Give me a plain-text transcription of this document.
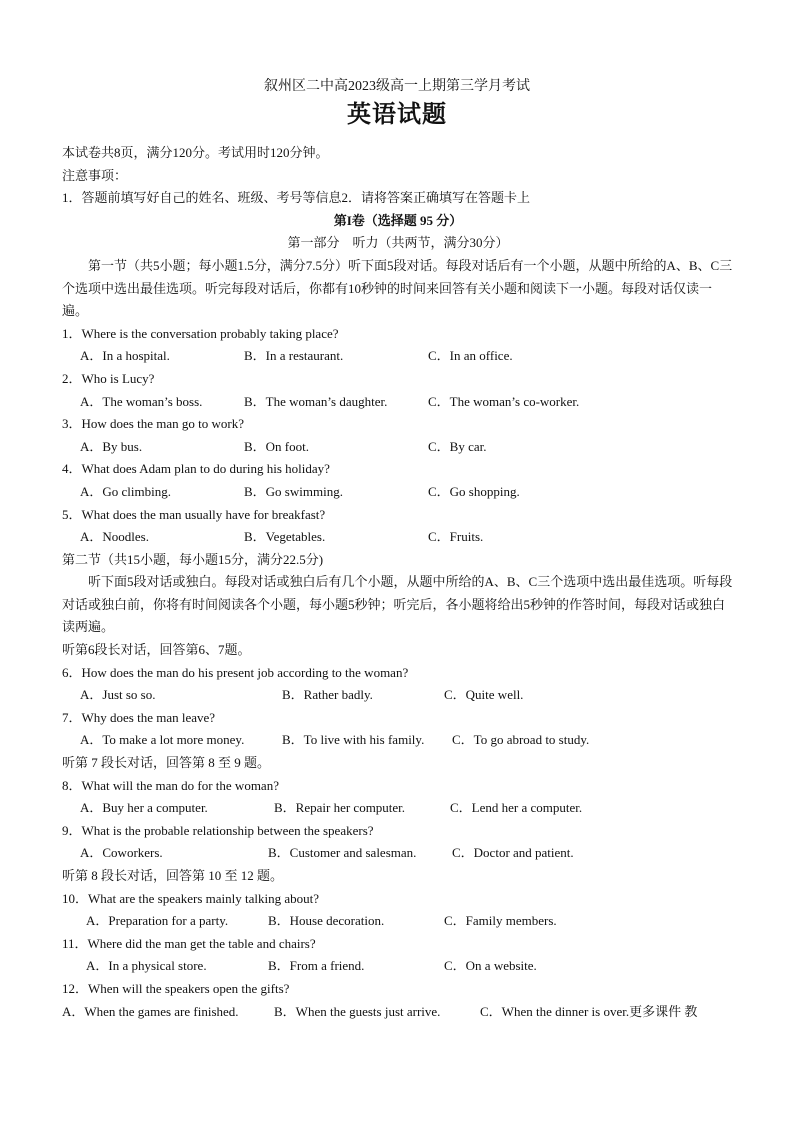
叙州区二中高2023级高一上期第三学月考试
英语试题
本试卷共8页，满分120分。考试用时120分钟。
注意事项：
1．答题前填写好自己的姓名、班级、考号等信息2．请将答案正确填写在答题卡上
第I卷（选择题 95 分）
第一部分　听力（共两节，满分30分）
第一节（共5小题；每小题1.5分，满分7.5分）听下面5段对话。每段对话后有一个小题，从题中所给的A、B、C三个选项中选出最佳选项。听完每段对话后，你都有10秒钟的时间来回答有关小题和阅读下一小题。每段对话仅读一遍。
1．Where is the conversation probably taking place?
A．In a hospital.	B．In a restaurant.	C．In an office.
2．Who is Lucy?
A．The woman’s boss.	B．The woman’s daughter.	C．The woman’s co-worker.
3．How does the man go to work?
A．By bus.	B．On foot.	C．By car.
4．What does Adam plan to do during his holiday?
A．Go climbing.	B．Go swimming.	C．Go shopping.
5．What does the man usually have for breakfast?
A．Noodles.	B．Vegetables.	C．Fruits.
第二节（共15小题，每小题15分，满分22.5分)
听下面5段对话或独白。每段对话或独白后有几个小题，从题中所给的A、B、C三个选项中选出最佳选项。听每段对话或独白前，你将有时间阅读各个小题，每小题5秒钟；听完后，各小题将给出5秒钟的作答时间，每段对话或独白读两遍。
听第6段长对话，回答第6、7题。
6．How does the man do his present job according to the woman?
A．Just so so.	B．Rather badly.	C．Quite well.
7．Why does the man leave?
A．To make a lot more money.	B．To live with his family.	C．To go abroad to study.
听第 7 段长对话，回答第 8 至 9 题。
8．What will the man do for the woman?
A．Buy her a computer.	B．Repair her computer.	C．Lend her a computer.
9．What is the probable relationship between the speakers?
A．Coworkers.	B．Customer and salesman.	C．Doctor and patient.
听第 8 段长对话，回答第 10 至 12 题。
10．What are the speakers mainly talking about?
A．Preparation for a party.	B．House decoration.	C．Family members.
11．Where did the man get the table and chairs?
A．In a physical store.	B．From a friend.	C．On a website.
12．When will the speakers open the gifts?
A．When the games are finished.	B．When the guests just arrive.	C．When the dinner is over.更多课件 教
